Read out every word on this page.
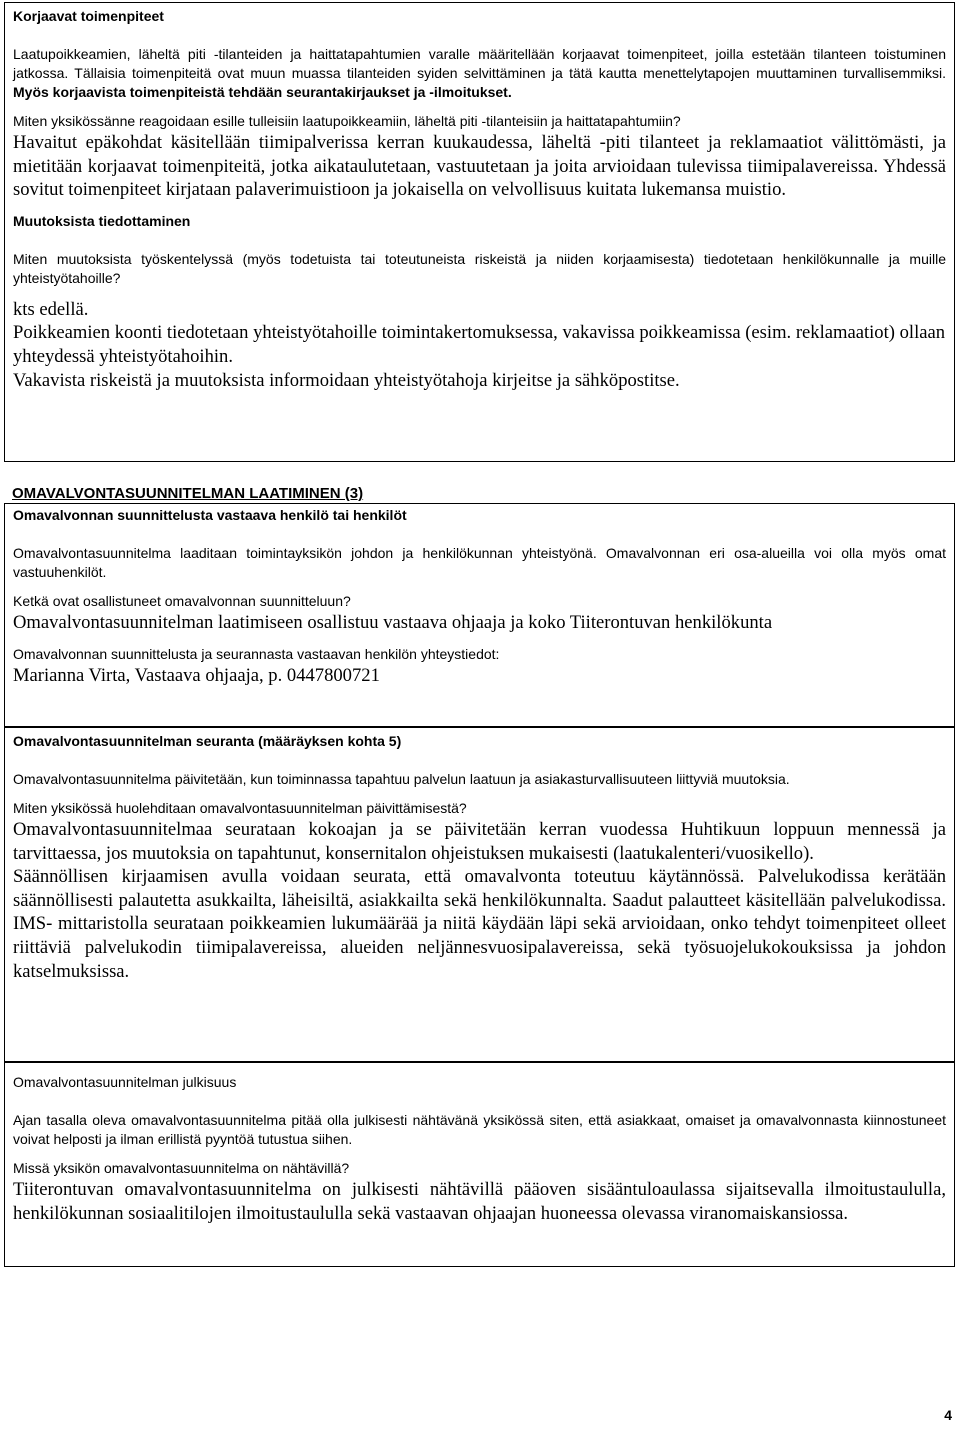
Korjaavat toimenpiteet

Laatupoikkeamien, läheltä piti -tilanteiden ja haittatapahtumien varalle määritellään korjaavat toimenpiteet, joilla estetään tilanteen toistuminen jatkossa. Tällaisia toimenpiteitä ovat muun muassa tilanteiden syiden selvittäminen ja tätä kautta menettelytapojen muuttaminen turvallisemmiksi. Myös korjaavista toimenpiteistä tehdään seurantakirjaukset ja -ilmoitukset.

Miten yksikössänne reagoidaan esille tulleisiin laatupoikkeamiin, läheltä piti -tilanteisiin ja haittatapahtumiin?

Havaitut epäkohdat käsitellään tiimipalverissa kerran kuukaudessa, läheltä -piti tilanteet ja reklamaatiot välittömästi, ja mietitään korjaavat toimenpiteitä, jotka aikataulutetaan, vastuutetaan ja joita arvioidaan tulevissa tiimipalavereissa. Yhdessä sovitut toimenpiteet kirjataan palaverimuistioon ja jokaisella on velvollisuus kuitata lukemansa muistio.

Muutoksista tiedottaminen

Miten muutoksista työskentelyssä (myös todetuista tai toteutuneista riskeistä ja niiden korjaamisesta) tiedotetaan henkilökunnalle ja muille yhteistyötahoille?

kts edellä.

Poikkeamien koonti tiedotetaan yhteistyötahoille toimintakertomuksessa, vakavissa poikkeamissa (esim. reklamaatiot) ollaan yhteydessä yhteistyötahoihin.

Vakavista riskeistä ja muutoksista informoidaan yhteistyötahoja kirjeitse ja sähköpostitse.

OMAVALVONTASUUNNITELMAN LAATIMINEN (3)

Omavalvonnan suunnittelusta vastaava henkilö tai henkilöt

Omavalvontasuunnitelma laaditaan toimintayksikön johdon ja henkilökunnan yhteistyönä. Omavalvonnan eri osa-alueilla voi olla myös omat vastuuhenkilöt.

Ketkä ovat osallistuneet omavalvonnan suunnitteluun?

Omavalvontasuunnitelman laatimiseen osallistuu vastaava ohjaaja ja koko Tiiterontuvan henkilökunta

Omavalvonnan suunnittelusta ja seurannasta vastaavan henkilön yhteystiedot:

Marianna Virta, Vastaava ohjaaja, p. 0447800721

Omavalvontasuunnitelman seuranta (määräyksen kohta 5)

Omavalvontasuunnitelma päivitetään, kun toiminnassa tapahtuu palvelun laatuun ja asiakasturvallisuuteen liittyviä muutoksia.

Miten yksikössä huolehditaan omavalvontasuunnitelman päivittämisestä?

Omavalvontasuunnitelmaa seurataan kokoajan ja se päivitetään kerran vuodessa Huhtikuun loppuun mennessä ja tarvittaessa, jos muutoksia on tapahtunut, konsernitalon ohjeistuksen mukaisesti (laatukalenteri/vuosikello).

Säännöllisen kirjaamisen avulla voidaan seurata, että omavalvonta toteutuu käytännössä. Palvelukodissa kerätään säännöllisesti palautetta asukkailta, läheisiltä, asiakkailta sekä henkilökunnalta. Saadut palautteet käsitellään palvelukodissa. IMS- mittaristolla seurataan poikkeamien lukumäärää ja niitä käydään läpi sekä arvioidaan, onko tehdyt toimenpiteet olleet riittäviä palvelukodin tiimipalavereissa, alueiden neljännesvuosipalavereissa, sekä työsuojelukokouksissa ja johdon katselmuksissa.

Omavalvontasuunnitelman julkisuus

Ajan tasalla oleva omavalvontasuunnitelma pitää olla julkisesti nähtävänä yksikössä siten, että asiakkaat, omaiset ja omavalvonnasta kiinnostuneet voivat helposti ja ilman erillistä pyyntöä tutustua siihen.

Missä yksikön omavalvontasuunnitelma on nähtävillä?

Tiiterontuvan omavalvontasuunnitelma on julkisesti nähtävillä pääoven sisääntuloaulassa sijaitsevalla ilmoitustaululla, henkilökunnan sosiaalitilojen ilmoitustaululla sekä vastaavan ohjaajan huoneessa olevassa viranomaiskansiossa.

4
